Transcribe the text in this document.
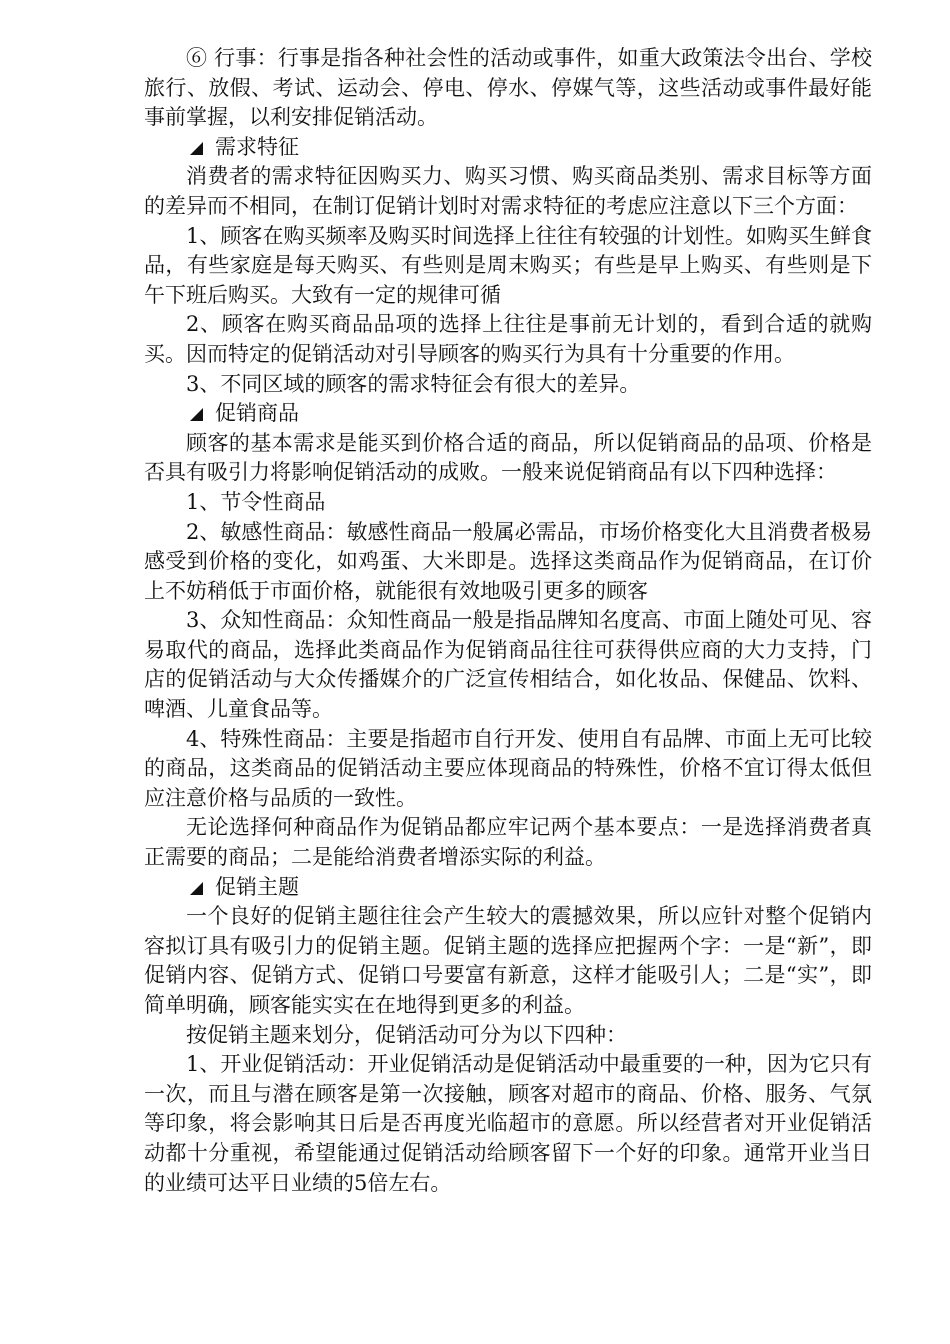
⑥ 行事：行事是指各种社会性的活动或事件，如重大政策法令出台、学校旅行、放假、考试、运动会、停电、停水、停媒气等，这些活动或事件最好能事前掌握，以利安排促销活动。

需求特征

消费者的需求特征因购买力、购买习惯、购买商品类别、需求目标等方面的差异而不相同，在制订促销计划时对需求特征的考虑应注意以下三个方面：

1、顾客在购买频率及购买时间选择上往往有较强的计划性。如购买生鲜食品，有些家庭是每天购买、有些则是周末购买；有些是早上购买、有些则是下午下班后购买。大致有一定的规律可循

2、顾客在购买商品品项的选择上往往是事前无计划的，看到合适的就购买。因而特定的促销活动对引导顾客的购买行为具有十分重要的作用。

3、不同区域的顾客的需求特征会有很大的差异。

促销商品

顾客的基本需求是能买到价格合适的商品，所以促销商品的品项、价格是否具有吸引力将影响促销活动的成败。一般来说促销商品有以下四种选择：

1、节令性商品

2、敏感性商品：敏感性商品一般属必需品，市场价格变化大且消费者极易感受到价格的变化，如鸡蛋、大米即是。选择这类商品作为促销商品，在订价上不妨稍低于市面价格，就能很有效地吸引更多的顾客

3、众知性商品：众知性商品一般是指品牌知名度高、市面上随处可见、容易取代的商品，选择此类商品作为促销商品往往可获得供应商的大力支持，门店的促销活动与大众传播媒介的广泛宣传相结合，如化妆品、保健品、饮料、啤酒、儿童食品等。

4、特殊性商品：主要是指超市自行开发、使用自有品牌、市面上无可比较的商品，这类商品的促销活动主要应体现商品的特殊性，价格不宜订得太低但应注意价格与品质的一致性。

无论选择何种商品作为促销品都应牢记两个基本要点：一是选择消费者真正需要的商品；二是能给消费者增添实际的利益。

促销主题

一个良好的促销主题往往会产生较大的震撼效果，所以应针对整个促销内容拟订具有吸引力的促销主题。促销主题的选择应把握两个字：一是“新”，即促销内容、促销方式、促销口号要富有新意，这样才能吸引人；二是“实”，即简单明确，顾客能实实在在地得到更多的利益。

按促销主题来划分，促销活动可分为以下四种：

1、开业促销活动：开业促销活动是促销活动中最重要的一种，因为它只有一次，而且与潜在顾客是第一次接触，顾客对超市的商品、价格、服务、气氛等印象，将会影响其日后是否再度光临超市的意愿。所以经营者对开业促销活动都十分重视，希望能通过促销活动给顾客留下一个好的印象。通常开业当日的业绩可达平日业绩的5倍左右。
